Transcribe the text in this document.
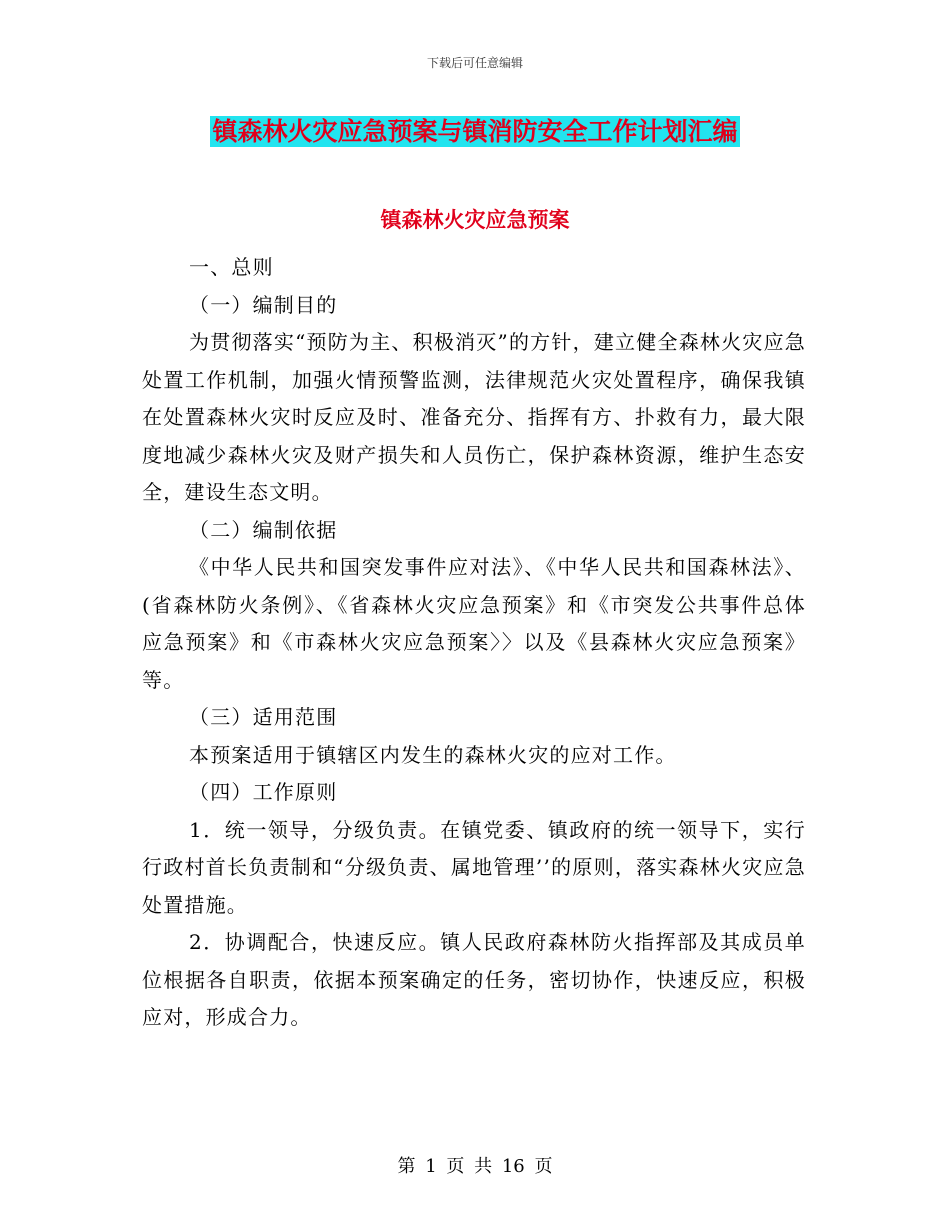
下载后可任意编辑
镇森林火灾应急预案与镇消防安全工作计划汇编
镇森林火灾应急预案

一、总则

（一）编制目的

为贯彻落实“预防为主、积极消灭”的方针，建立健全森林火灾应急处置工作机制，加强火情预警监测，法律规范火灾处置程序，确保我镇在处置森林火灾时反应及时、准备充分、指挥有方、扑救有力，最大限度地减少森林火灾及财产损失和人员伤亡，保护森林资源，维护生态安全，建设生态文明。

（二）编制依据

《中华人民共和国突发事件应对法》、《中华人民共和国森林法》、(省森林防火条例》、《省森林火灾应急预案》和《市突发公共事件总体应急预案》和《市森林火灾应急预案〉〉以及《县森林火灾应急预案》等。

（三）适用范围

本预案适用于镇辖区内发生的森林火灾的应对工作。

（四）工作原则

1．统一领导，分级负责。在镇党委、镇政府的统一领导下，实行行政村首长负责制和“分级负责、属地管理’’的原则，落实森林火灾应急处置措施。

2．协调配合，快速反应。镇人民政府森林防火指挥部及其成员单位根据各自职责，依据本预案确定的任务，密切协作，快速反应，积极应对，形成合力。

第 1 页 共 16 页
